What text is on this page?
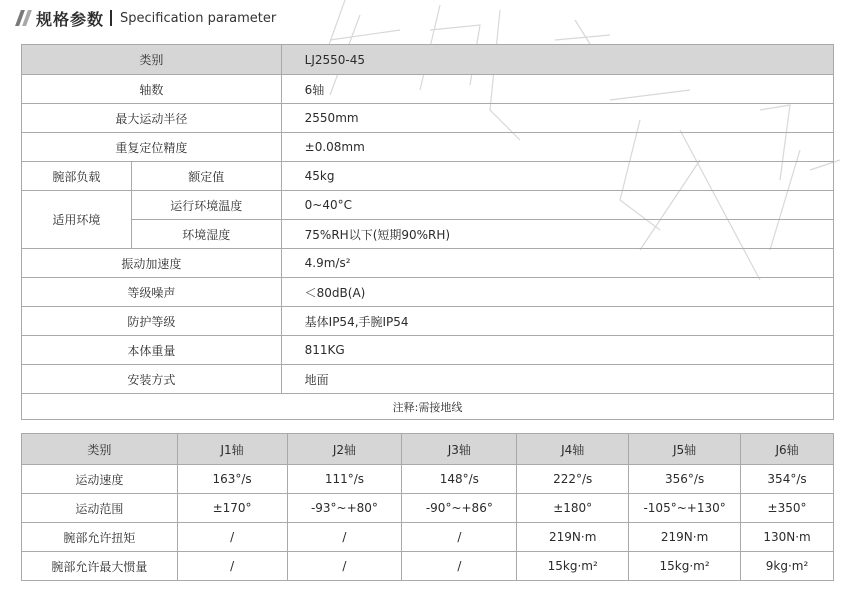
规格参数 Specification parameter
类别		LJ2550-45
轴数		6轴
最大运动半径		2550mm
重复定位精度		±0.08mm
腕部负载	额定值	45kg
适用环境	运行环境温度	0~40°C
	环境湿度	75%RH以下(短期90%RH)
振动加速度		4.9m/s²
等级噪声		＜80dB(A)
防护等级		基体IP54,手腕IP54
本体重量		811KG
安装方式		地面
注释:需接地线		
类别	J1轴	J2轴	J3轴	J4轴	J5轴	J6轴
运动速度	163°/s	111°/s	148°/s	222°/s	356°/s	354°/s
运动范围	±170°	-93°~+80°	-90°~+86°	±180°	-105°~+130°	±350°
腕部允许扭矩	/	/	/	219N·m	219N·m	130N·m
腕部允许最大惯量	/	/	/	15kg·m²	15kg·m²	9kg·m²
